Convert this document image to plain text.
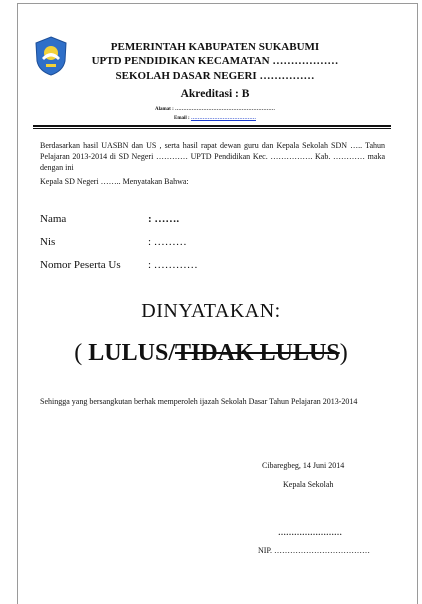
PEMERINTAH KABUPATEN SUKABUMI
UPTD PENDIDIKAN KECAMATAN ………………
SEKOLAH DASAR NEGERI ……………
Akreditasi : B
Alamat : ……………………………………………………
Email : …………………………………
Berdasarkan hasil UASBN dan US , serta hasil rapat dewan guru dan Kepala Sekolah SDN ….. Tahun Pelajaran 2013-2014 di SD Negeri ………… UPTD Pendidikan Kec. ……………. Kab. ………… maka dengan ini
Kepala SD Negeri …….. Menyatakan Bahwa:
Nama	: …….
Nis	: ………
Nomor Peserta Us : …………
DINYATAKAN:
( LULUS/TIDAK LULUS)
Sehingga yang bersangkutan berhak memperoleh ijazah Sekolah Dasar Tahun Pelajaran 2013-2014
Cibaregbeg, 14 Juni 2014
Kepala Sekolah
……………………
NIP. ………………………………
